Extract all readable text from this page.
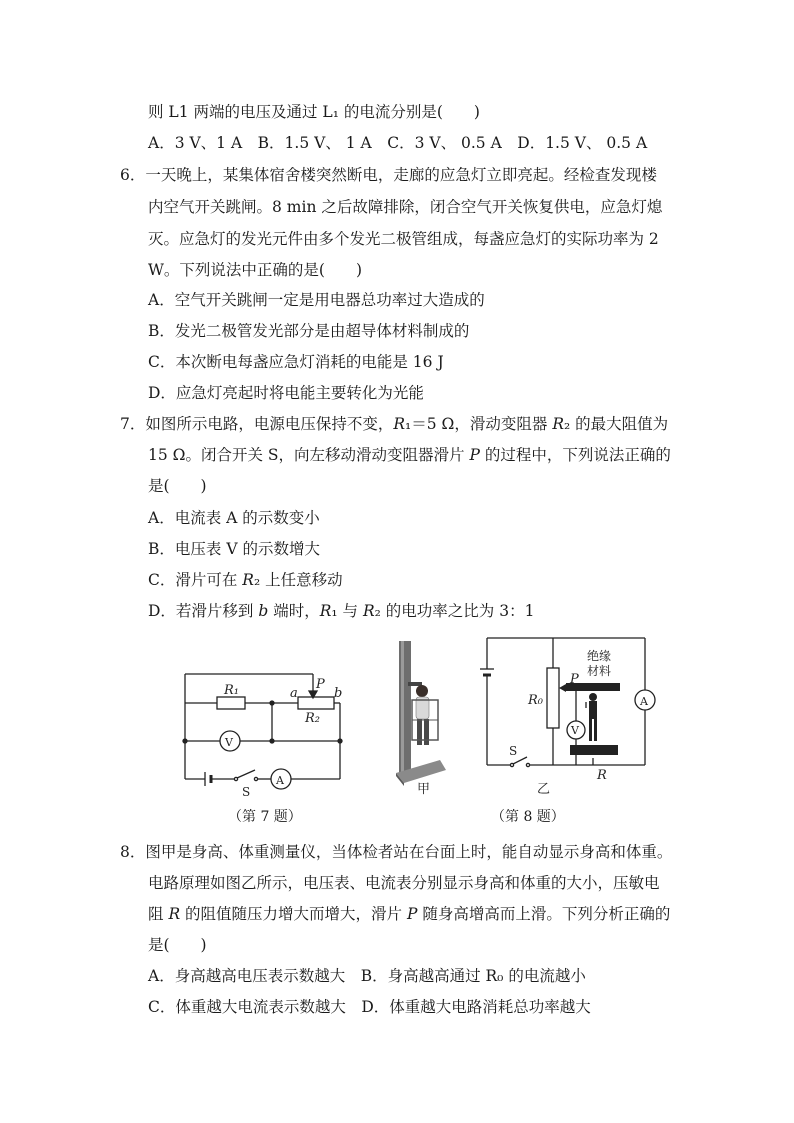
则 L1 两端的电压及通过 L₁ 的电流分别是(　　)
A．3 V、1 A　B．1.5 V、 1 A　C．3 V、 0.5 A　D．1.5 V、 0.5 A
6．一天晚上，某集体宿舍楼突然断电，走廊的应急灯立即亮起。经检查发现楼
内空气开关跳闸。8 min 之后故障排除，闭合空气开关恢复供电，应急灯熄
灭。应急灯的发光元件由多个发光二极管组成，每盏应急灯的实际功率为 2
W。下列说法中正确的是(　　)
A．空气开关跳闸一定是用电器总功率过大造成的
B．发光二极管发光部分是由超导体材料制成的
C．本次断电每盏应急灯消耗的电能是 16 J
D．应急灯亮起时将电能主要转化为光能
7．如图所示电路，电源电压保持不变，R₁＝5 Ω，滑动变阻器 R₂ 的最大阻值为
15 Ω。闭合开关 S，向左移动滑动变阻器滑片 P 的过程中，下列说法正确的
是(　　)
A．电流表 A 的示数变小
B．电压表 V 的示数增大
C．滑片可在 R₂ 上任意移动
D．若滑片移到 b 端时，R₁ 与 R₂ 的电功率之比为 3：1
R₁
R₂
a	b
P
V
A
S	甲
R₀
P
V
A
S
R
绝缘
材料
乙
（第 7 题）	（第 8 题）
8．图甲是身高、体重测量仪，当体检者站在台面上时，能自动显示身高和体重。
电路原理如图乙所示，电压表、电流表分别显示身高和体重的大小，压敏电
阻 R 的阻值随压力增大而增大，滑片 P 随身高增高而上滑。下列分析正确的
是(　　)
A．身高越高电压表示数越大　B．身高越高通过 R₀ 的电流越小
C．体重越大电流表示数越大　D．体重越大电路消耗总功率越大
